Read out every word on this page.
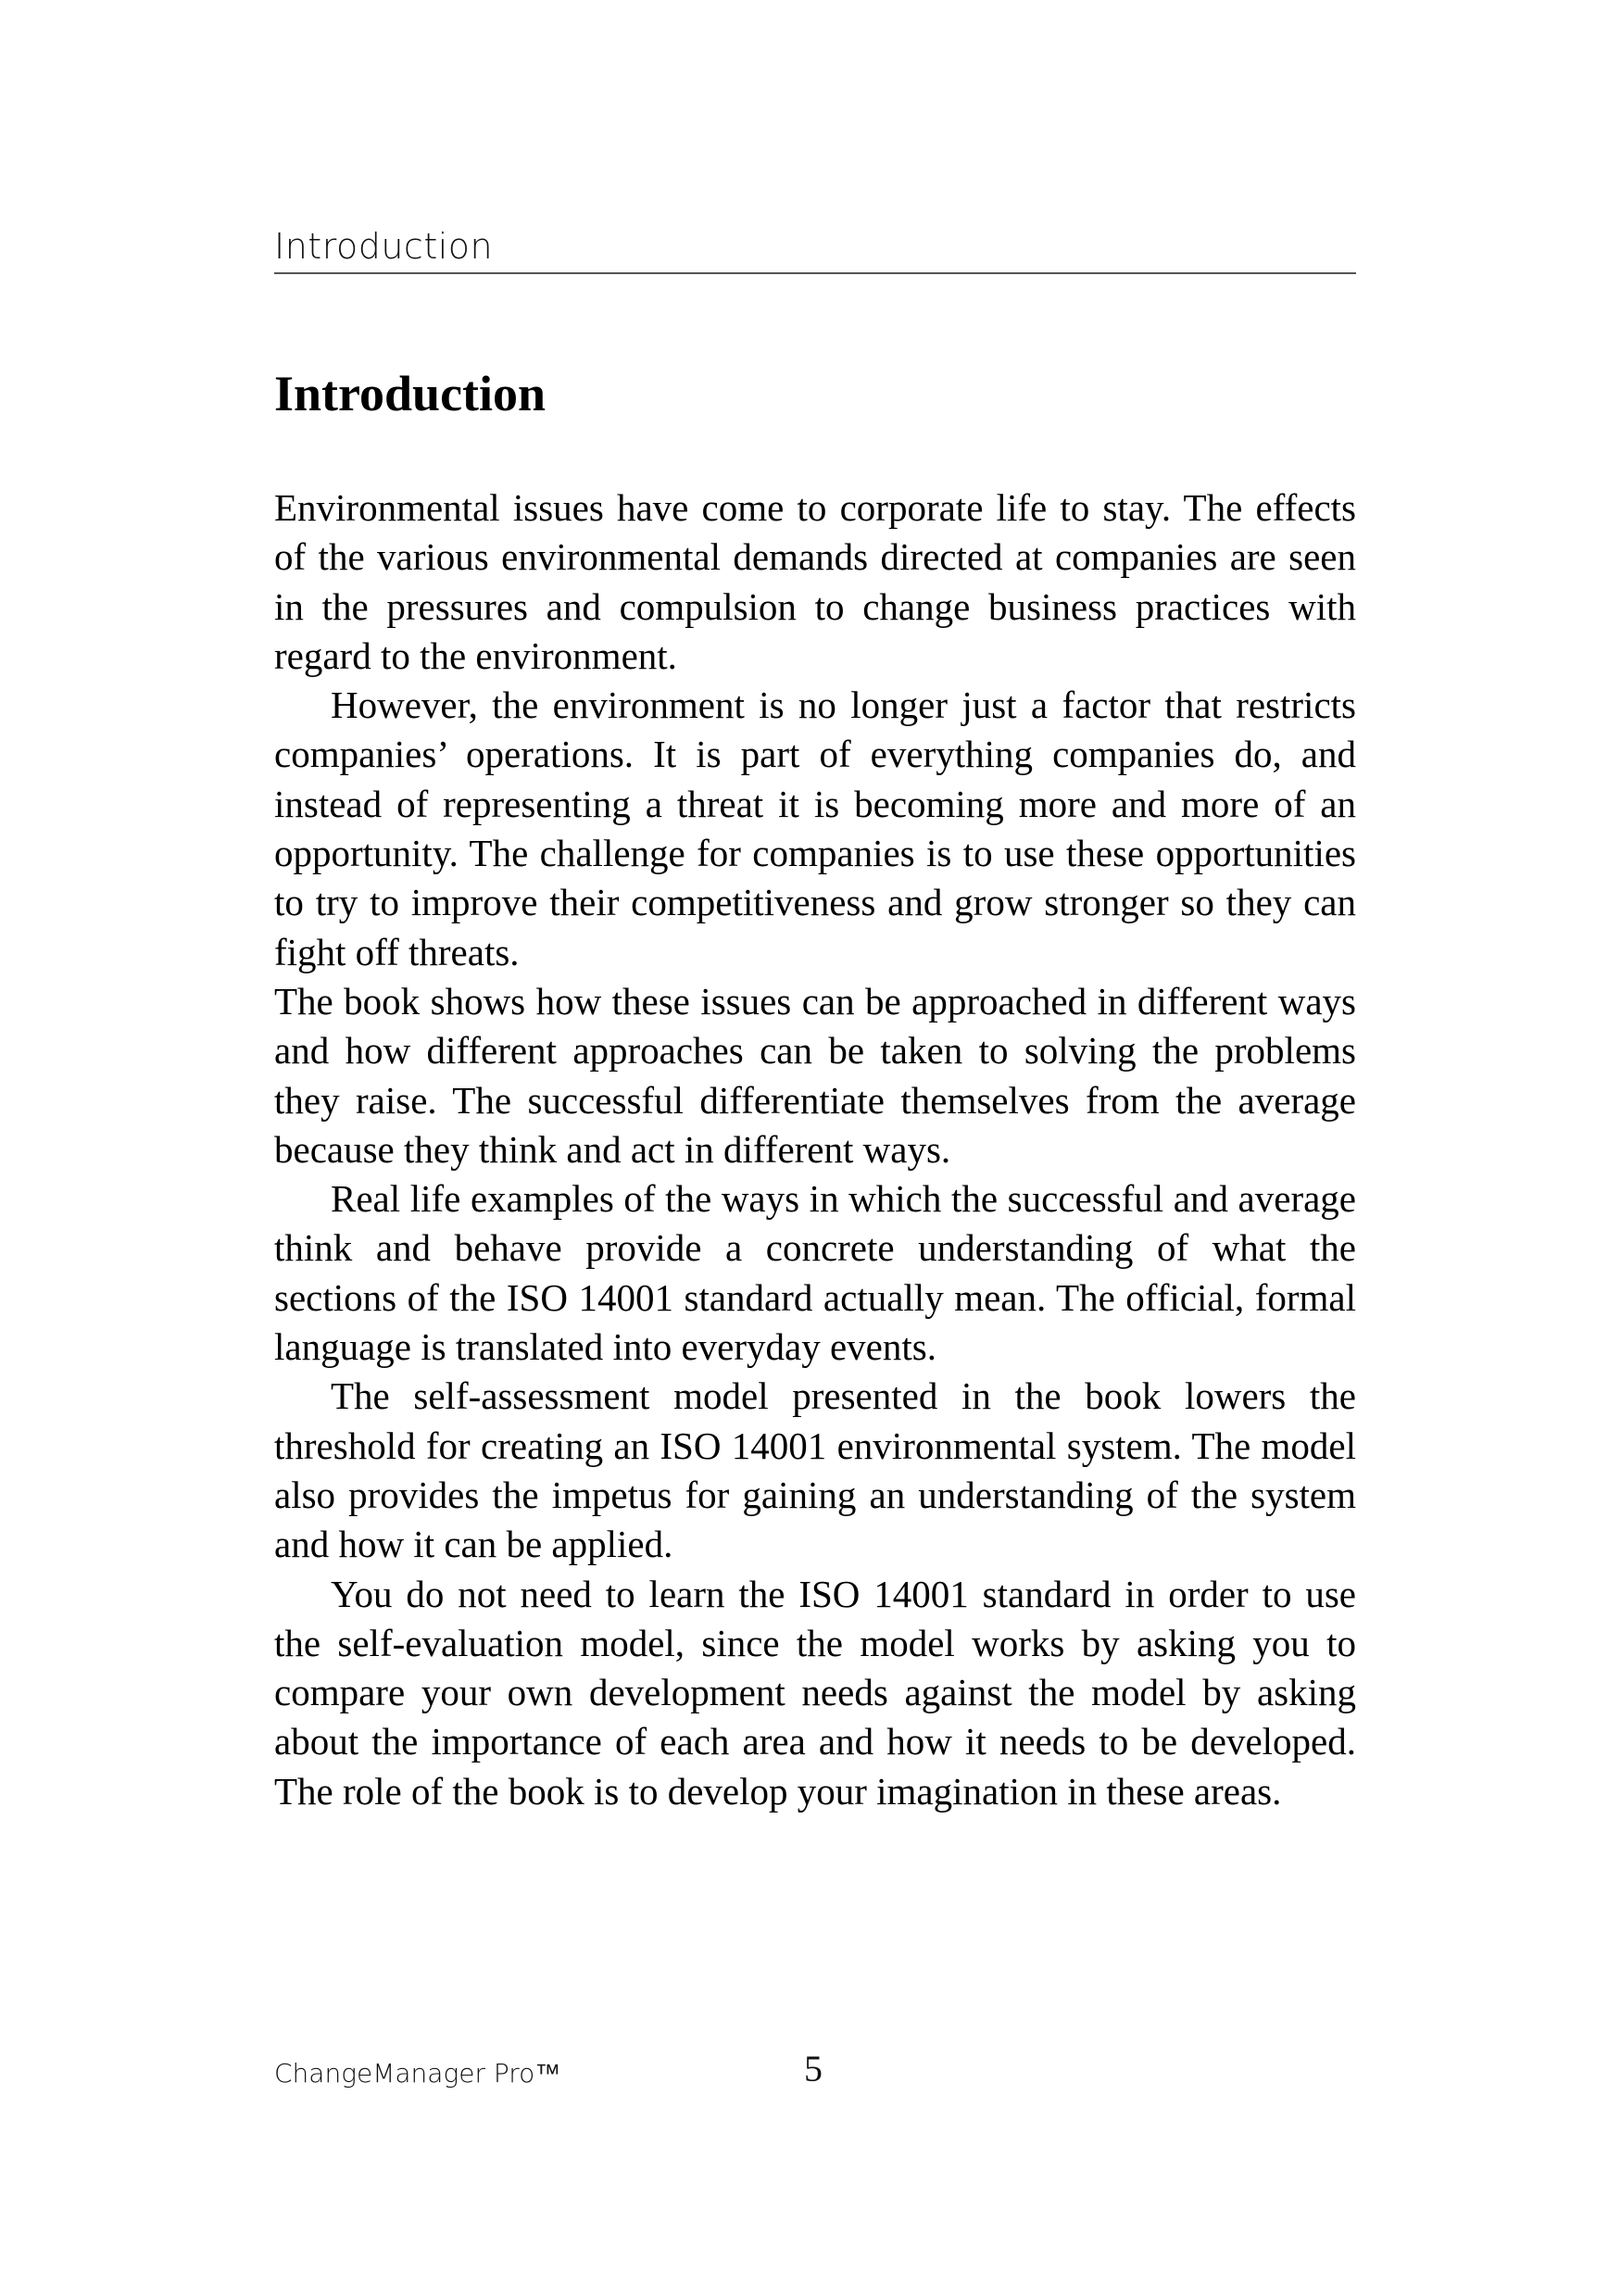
Introduction
Introduction

Environmental issues have come to corporate life to stay. The effects of the various environmental demands directed at companies are seen in the pressures and compulsion to change business practices with regard to the environment.

However, the environment is no longer just a factor that restricts companies’ operations. It is part of everything companies do, and instead of representing a threat it is becoming more and more of an opportunity. The challenge for companies is to use these opportunities to try to improve their competitiveness and grow stronger so they can fight off threats.

The book shows how these issues can be approached in different ways and how different approaches can be taken to solving the problems they raise. The successful differentiate themselves from the average because they think and act in different ways.

Real life examples of the ways in which the successful and average think and behave provide a concrete understanding of what the sections of the ISO 14001 standard actually mean. The official, formal language is translated into everyday events.

The self-assessment model presented in the book lowers the threshold for creating an ISO 14001 environmental system. The model also provides the impetus for gaining an understanding of the system and how it can be applied.

You do not need to learn the ISO 14001 standard in order to use the self-evaluation model, since the model works by asking you to compare your own development needs against the model by asking about the importance of each area and how it needs to be developed. The role of the book is to develop your imagination in these areas.

ChangeManager Pro™	5
